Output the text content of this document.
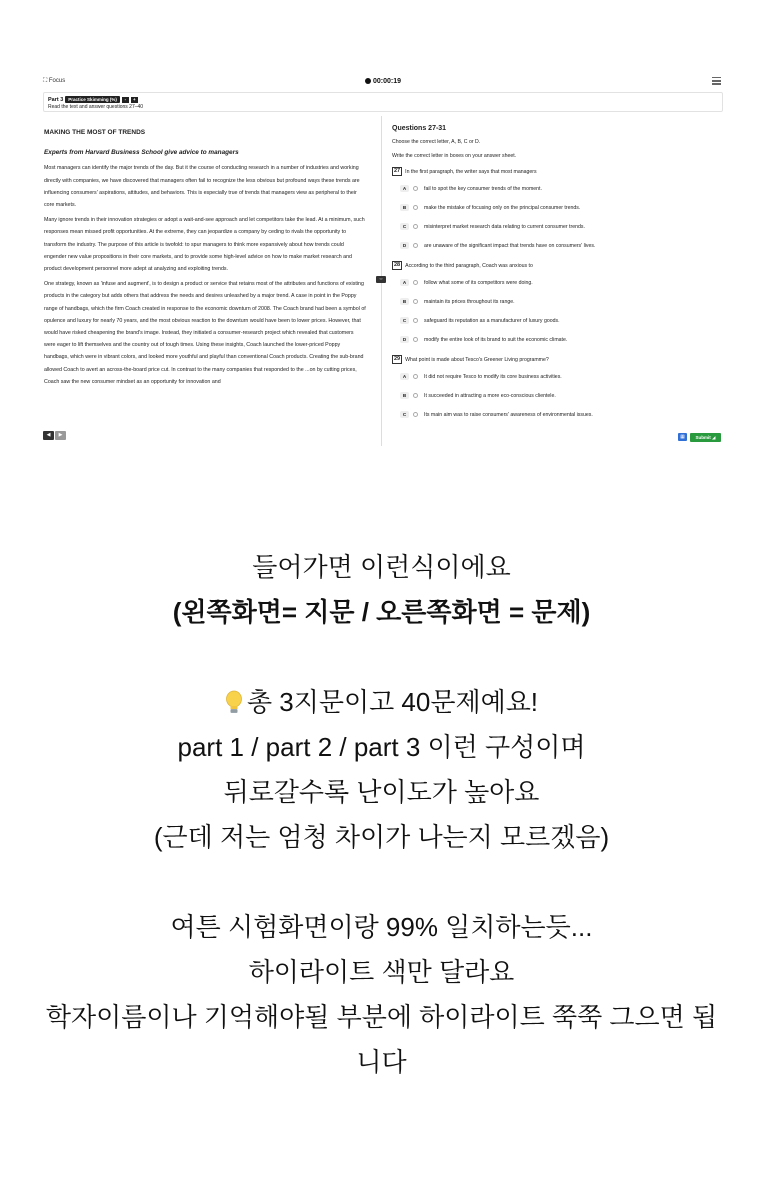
⛶ Focus	00:00:19
Part 3	Practice Skimming (%)	-	+
Read the text and answer questions 27–40
MAKING THE MOST OF TRENDS
Experts from Harvard Business School give advice to managers

Most managers can identify the major trends of the day. But it the course of conducting research in a number of industries and working directly with companies, we have discovered that managers often fail to recognize the less obvious but profound ways these trends are influencing consumers' aspirations, attitudes, and behaviors. This is especially true of trends that managers view as peripheral to their core markets.

Many ignore trends in their innovation strategies or adopt a wait-and-see approach and let competitors take the lead. At a minimum, such responses mean missed profit opportunities. At the extreme, they can jeopardize a company by ceding to rivals the opportunity to transform the industry. The purpose of this article is twofold: to spur managers to think more expansively about how trends could engender new value propositions in their core markets, and to provide some high-level advice on how to make market research and product development personnel more adept at analyzing and exploiting trends.

One strategy, known as 'infuse and augment', is to design a product or service that retains most of the attributes and functions of existing products in the category but adds others that address the needs and desires unleashed by a major trend. A case in point in the Poppy range of handbags, which the firm Coach created in response to the economic downturn of 2008. The Coach brand had been a symbol of opulence and luxury for nearly 70 years, and the most obvious reaction to the downturn would have been to lower prices. However, that would have risked cheapening the brand's image. Instead, they initiated a consumer-research project which revealed that customers were eager to lift themselves and the country out of tough times. Using these insights, Coach launched the lower-priced Poppy handbags, which were in vibrant colors, and looked more youthful and playful than conventional Coach products. Creating the sub-brand allowed Coach to avert an across-the-board price cut. In contrast to the many companies that responded to the ...on by cutting prices, Coach saw the new consumer mindset as an opportunity for innovation and

⇔
Questions 27-31
Choose the correct letter, A, B, C or D.
Write the correct letter in boxes on your answer sheet.
27 In the first paragraph, the writer says that most managers
A	fail to spot the key consumer trends of the moment.
B	make the mistake of focusing only on the principal consumer trends.
C	misinterpret market research data relating to current consumer trends.
D	are unaware of the significant impact that trends have on consumers' lives.
28 According to the third paragraph, Coach was anxious to
A	follow what some of its competitors were doing.
B	maintain its prices throughout its range.
C	safeguard its reputation as a manufacturer of luxury goods.
D	modify the entire look of its brand to suit the economic climate.
29 What point is made about Tesco's Greener Living programme?
A	It did not require Tesco to modify its core business activities.
B	It succeeded in attracting a more eco-conscious clientele.
C	Its main aim was to raise consumers' awareness of environmental issues.
◀	▶	▦	Submit ◢

들어가면 이런식이에요

(왼쪽화면= 지문 / 오른쪽화면 = 문제)

총 3지문이고 40문제예요!

part 1 / part 2 / part 3 이런 구성이며

뒤로갈수록 난이도가 높아요

(근데 저는 엄청 차이가 나는지 모르겠음)

여튼 시험화면이랑 99% 일치하는듯...

하이라이트 색만 달라요

학자이름이나 기억해야될 부분에 하이라이트 쭉쭉 그으면 됩

니다
